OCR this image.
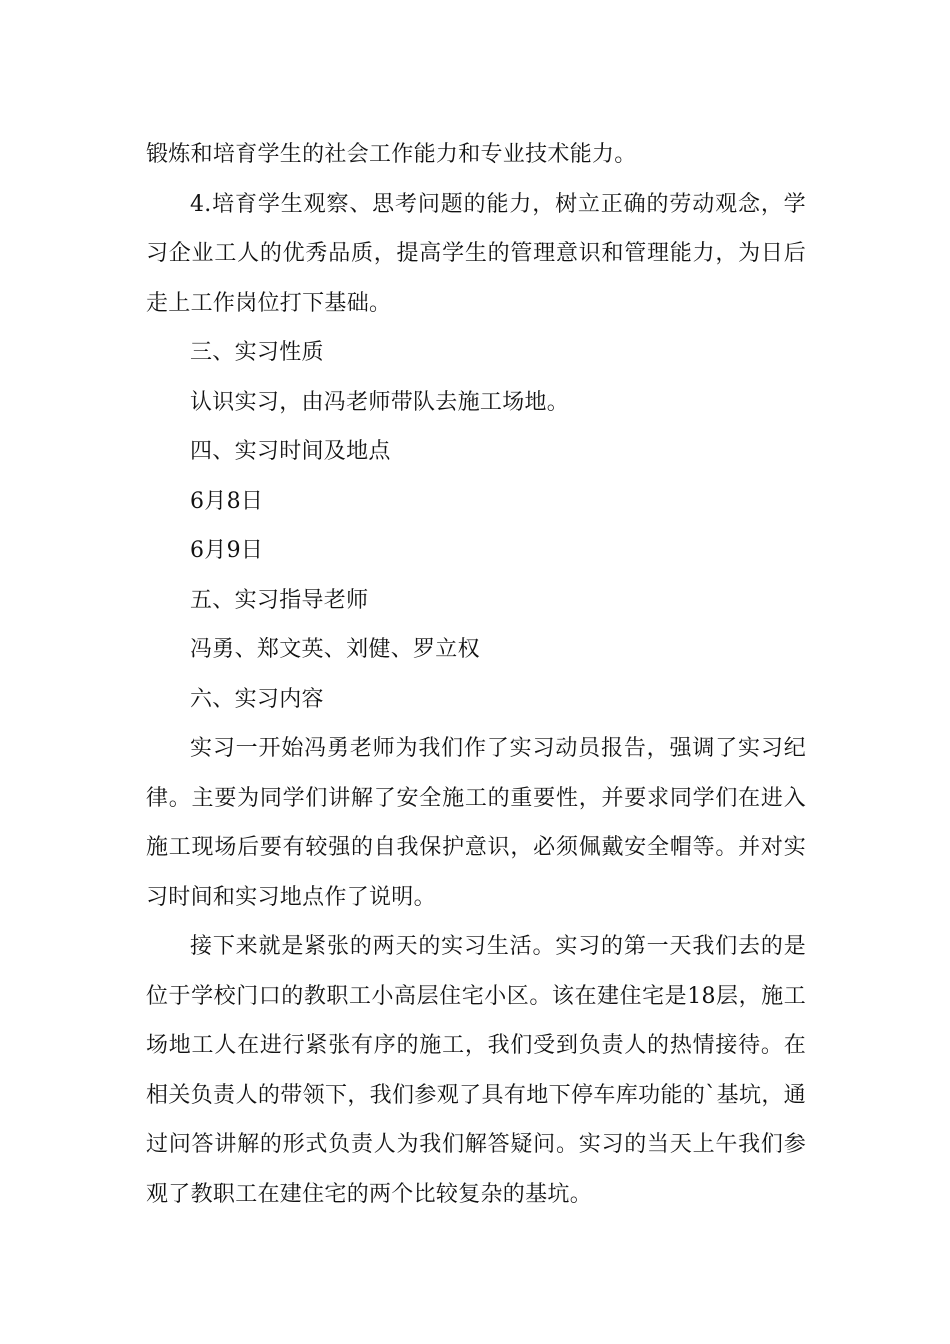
锻炼和培育学生的社会工作能力和专业技术能力。

4.培育学生观察、思考问题的能力，树立正确的劳动观念，学习企业工人的优秀品质，提高学生的管理意识和管理能力，为日后走上工作岗位打下基础。

三、实习性质

认识实习，由冯老师带队去施工场地。

四、实习时间及地点

6月8日

6月9日

五、实习指导老师

冯勇、郑文英、刘健、罗立权

六、实习内容

实习一开始冯勇老师为我们作了实习动员报告，强调了实习纪律。主要为同学们讲解了安全施工的重要性，并要求同学们在进入施工现场后要有较强的自我保护意识，必须佩戴安全帽等。并对实习时间和实习地点作了说明。

接下来就是紧张的两天的实习生活。实习的第一天我们去的是位于学校门口的教职工小高层住宅小区。该在建住宅是18层，施工场地工人在进行紧张有序的施工，我们受到负责人的热情接待。在相关负责人的带领下，我们参观了具有地下停车库功能的`基坑，通过问答讲解的形式负责人为我们解答疑问。实习的当天上午我们参观了教职工在建住宅的两个比较复杂的基坑。
